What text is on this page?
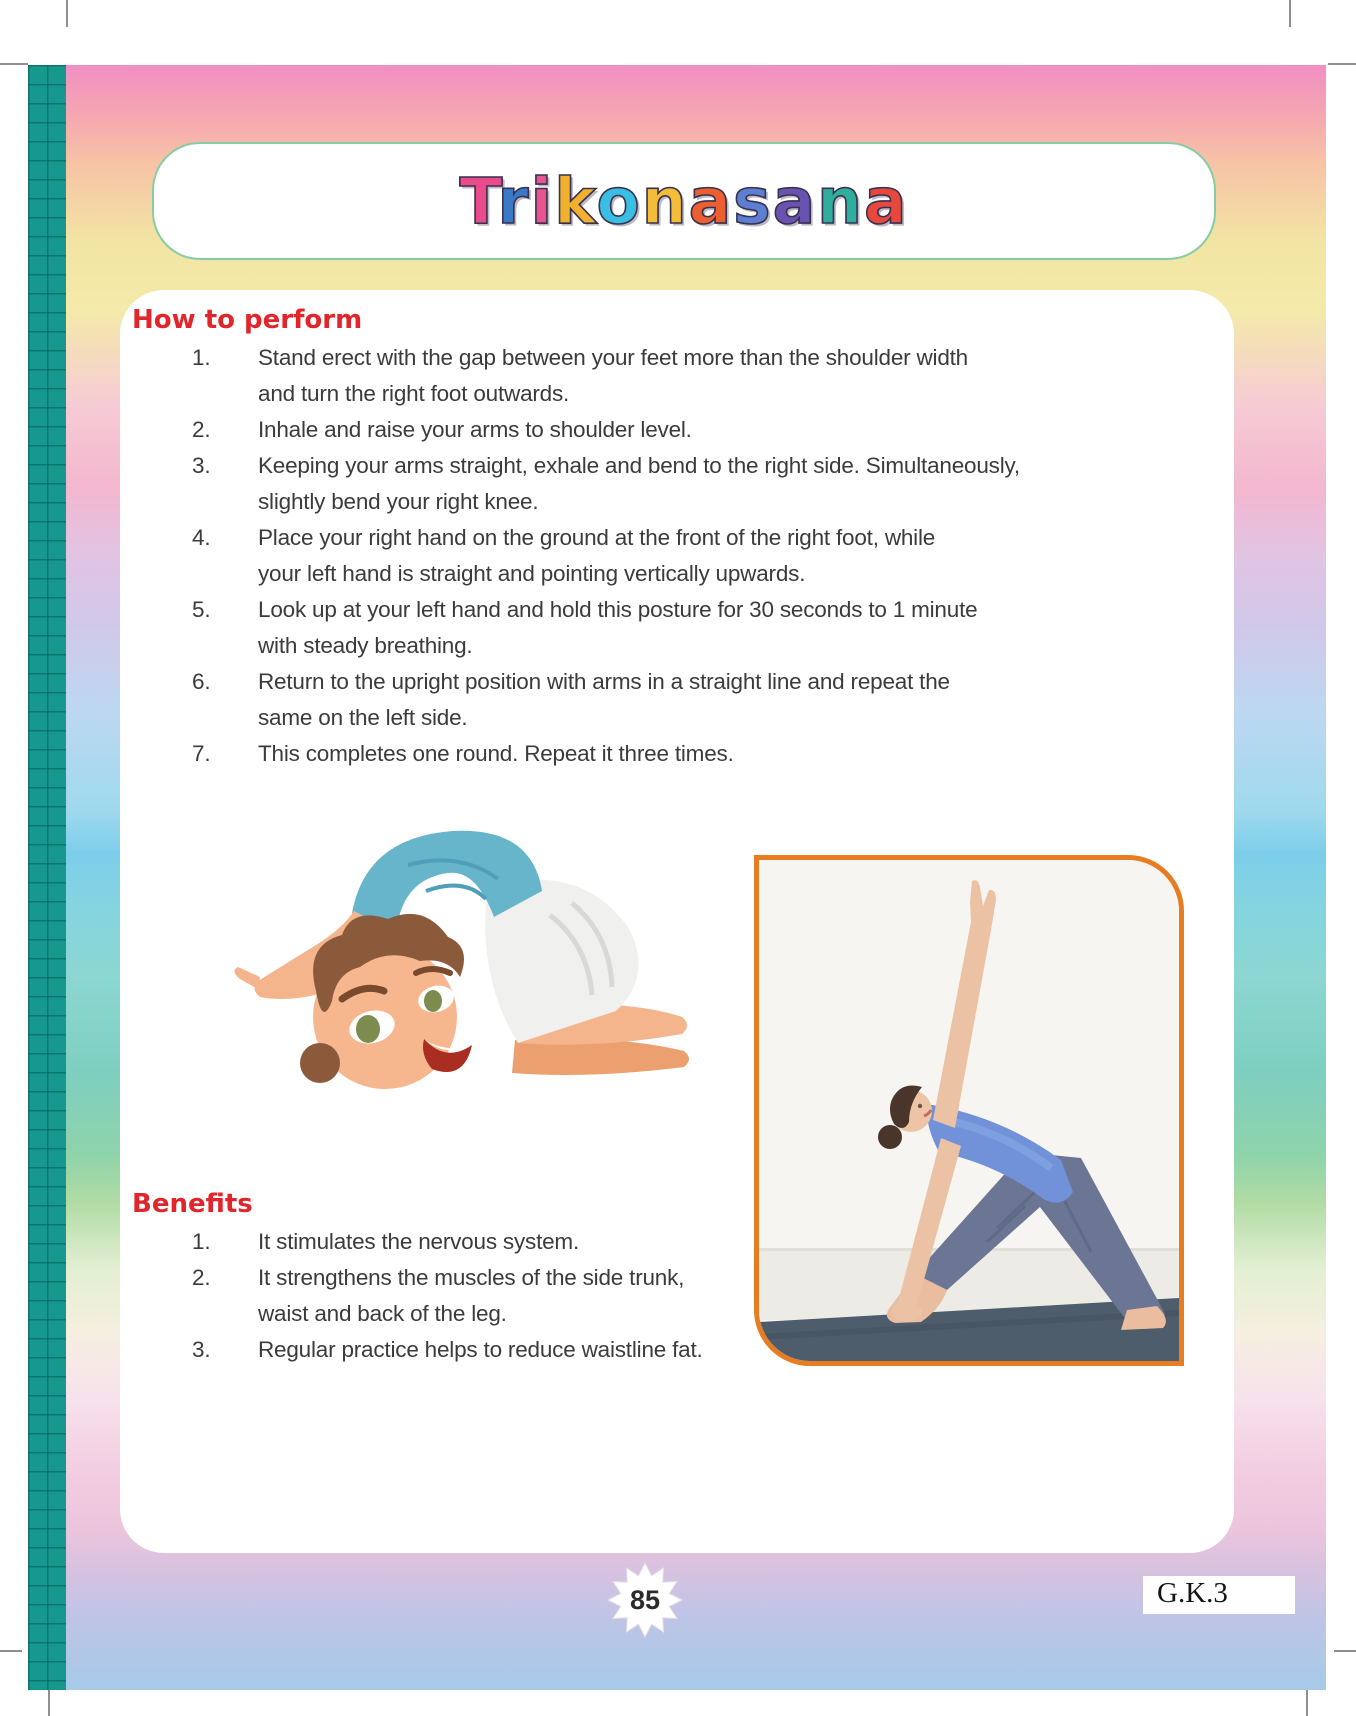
Trikonasana
How to perform
1. Stand erect with the gap between your feet more than the shoulder width
and turn the right foot outwards.
2. Inhale and raise your arms to shoulder level.
3. Keeping your arms straight, exhale and bend to the right side. Simultaneously,
slightly bend your right knee.
4. Place your right hand on the ground at the front of the right foot, while
your left hand is straight and pointing vertically upwards.
5. Look up at your left hand and hold this posture for 30 seconds to 1 minute
with steady breathing.
6. Return to the upright position with arms in a straight line and repeat the
same on the left side.
7. This completes one round. Repeat it three times.
Benefits
1. It stimulates the nervous system.
2. It strengthens the muscles of the side trunk, waist and back of the leg.
3. Regular practice helps to reduce waistline fat.
85	G.K.3
